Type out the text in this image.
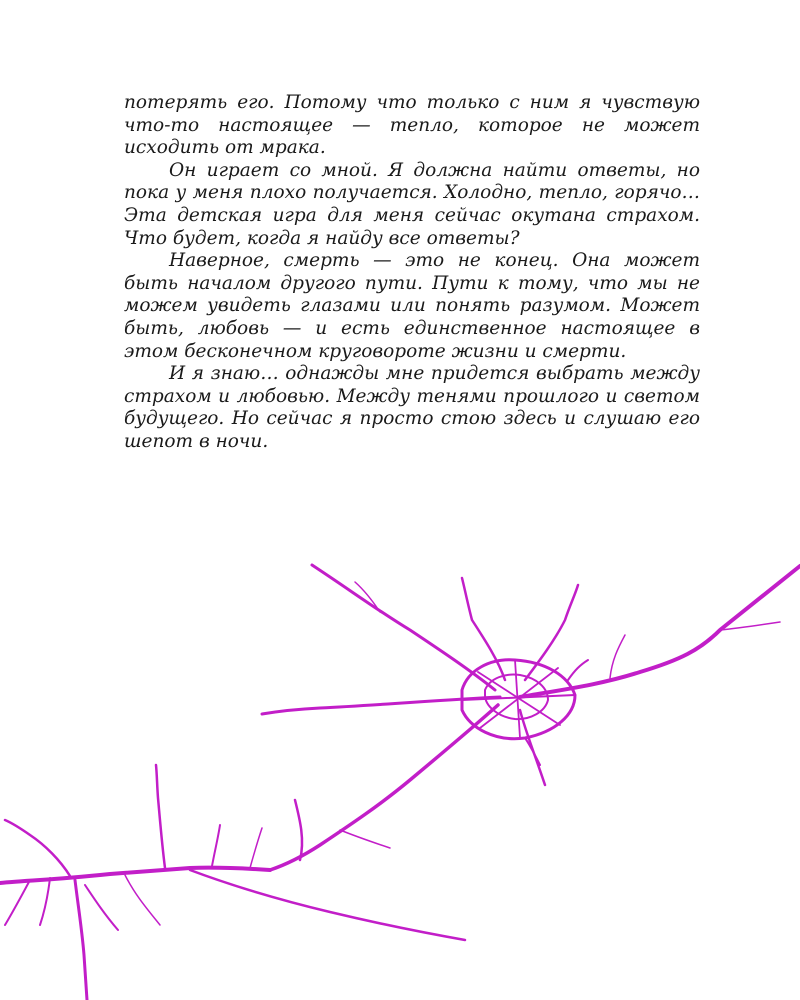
потерять его. Потому что только с ним я чувствую что-то настоящее — тепло, которое не может исходить от мрака.

Он играет со мной. Я должна найти ответы, но пока у меня плохо получается. Холодно, тепло, горячо… Эта детская игра для меня сейчас окутана страхом. Что будет, когда я найду все ответы?

Наверное, смерть — это не конец. Она может быть началом другого пути. Пути к тому, что мы не можем увидеть глазами или понять разумом. Может быть, любовь — и есть единственное настоящее в этом бесконечном круговороте жизни и смерти.

И я знаю… однажды мне придется выбрать между страхом и любовью. Между тенями прошлого и светом будущего. Но сейчас я просто стою здесь и слушаю его шепот в ночи.
